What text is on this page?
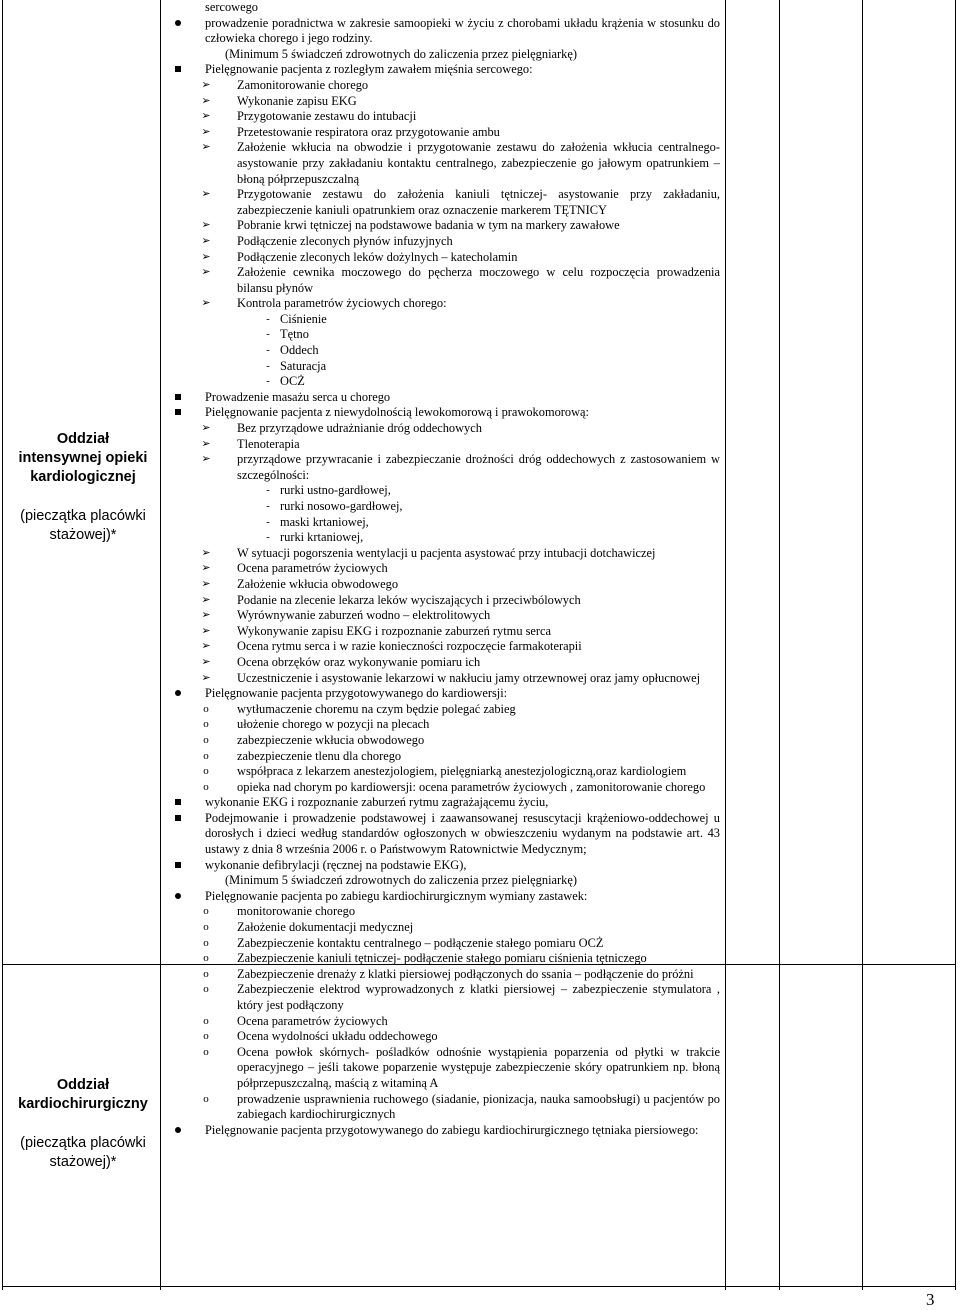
Oddział intensywnej opieki kardiologicznej
(pieczątka placówki stażowej)*
Oddział kardiochirurgiczny
(pieczątka placówki stażowej)*
sercowego
prowadzenie poradnictwa w zakresie samoopieki w życiu z chorobami układu krążenia w stosunku do człowieka chorego i jego rodziny.
(Minimum 5 świadczeń zdrowotnych do zaliczenia przez pielęgniarkę)
Pielęgnowanie pacjenta z rozległym zawałem mięśnia sercowego:
➢ Zamonitorowanie chorego
➢ Wykonanie zapisu EKG
➢ Przygotowanie zestawu do intubacji
➢ Przetestowanie respiratora oraz przygotowanie ambu
➢ Założenie wkłucia na obwodzie i przygotowanie zestawu do założenia wkłucia centralnego- asystowanie przy zakładaniu kontaktu centralnego, zabezpieczenie go jałowym opatrunkiem – błoną półprzepuszczalną
➢ Przygotowanie zestawu do założenia kaniuli tętniczej- asystowanie przy zakładaniu, zabezpieczenie kaniuli opatrunkiem oraz oznaczenie markerem TĘTNICY
➢ Pobranie krwi tętniczej na podstawowe badania w tym na markery zawałowe
➢ Podłączenie zleconych płynów infuzyjnych
➢ Podłączenie zleconych leków dożylnych – katecholamin
➢ Założenie cewnika moczowego do pęcherza moczowego w celu rozpoczęcia prowadzenia bilansu płynów
➢ Kontrola parametrów życiowych chorego:
- Ciśnienie
- Tętno
- Oddech
- Saturacja
- OCŻ
Prowadzenie masażu serca u chorego
Pielęgnowanie pacjenta z niewydolnością lewokomorową i prawokomorową:
➢ Bez przyrządowe udrażnianie dróg oddechowych
➢ Tlenoterapia
➢ przyrządowe przywracanie i zabezpieczanie drożności dróg oddechowych z zastosowaniem w szczególności:
- rurki ustno-gardłowej,
- rurki nosowo-gardłowej,
- maski krtaniowej,
- rurki krtaniowej,
➢ W sytuacji pogorszenia wentylacji u pacjenta asystować przy intubacji dotchawiczej
➢ Ocena parametrów życiowych
➢ Założenie wkłucia obwodowego
➢ Podanie na zlecenie lekarza leków wyciszających i przeciwbólowych
➢ Wyrównywanie zaburzeń wodno – elektrolitowych
➢ Wykonywanie zapisu EKG i rozpoznanie zaburzeń rytmu serca
➢ Ocena rytmu serca i w razie konieczności rozpoczęcie farmakoterapii
➢ Ocena obrzęków oraz wykonywanie pomiaru ich
➢ Uczestniczenie i asystowanie lekarzowi w nakłuciu jamy otrzewnowej oraz jamy opłucnowej
Pielęgnowanie pacjenta przygotowywanego do kardiowersji:
o wytłumaczenie choremu na czym będzie polegać zabieg
o ułożenie chorego w pozycji na plecach
o zabezpieczenie wkłucia obwodowego
o zabezpieczenie tlenu dla chorego
o współpraca z lekarzem anestezjologiem, pielęgniarką anestezjologiczną,oraz kardiologiem
o opieka nad chorym po kardiowersji: ocena parametrów życiowych , zamonitorowanie chorego
wykonanie EKG i rozpoznanie zaburzeń rytmu zagrażającemu życiu,
Podejmowanie i prowadzenie podstawowej i zaawansowanej resuscytacji krążeniowo-oddechowej u dorosłych i dzieci według standardów ogłoszonych w obwieszczeniu wydanym na podstawie art. 43 ustawy z dnia 8 września 2006 r. o Państwowym Ratownictwie Medycznym;
wykonanie defibrylacji (ręcznej na podstawie EKG),
(Minimum 5 świadczeń zdrowotnych do zaliczenia przez pielęgniarkę)
Pielęgnowanie pacjenta po zabiegu kardiochirurgicznym wymiany zastawek:
o monitorowanie chorego
o Założenie dokumentacji medycznej
o Zabezpieczenie kontaktu centralnego – podłączenie stałego pomiaru OCŻ
o Zabezpieczenie kaniuli tętniczej- podłączenie stałego pomiaru ciśnienia tętniczego
o Zabezpieczenie drenaży z klatki piersiowej podłączonych do ssania – podłączenie do próżni
o Zabezpieczenie elektrod wyprowadzonych z klatki piersiowej – zabezpieczenie stymulatora , który jest podłączony
o Ocena parametrów życiowych
o Ocena wydolności układu oddechowego
o Ocena powłok skórnych- pośladków odnośnie wystąpienia poparzenia od płytki w trakcie operacyjnego – jeśli takowe poparzenie występuje zabezpieczenie skóry opatrunkiem np. błoną półprzepuszczalną, maścią z witaminą A
o prowadzenie usprawnienia ruchowego (siadanie, pionizacja, nauka samoobsługi) u pacjentów po zabiegach kardiochirurgicznych
Pielęgnowanie pacjenta przygotowywanego do zabiegu kardiochirurgicznego tętniaka piersiowego:
3
